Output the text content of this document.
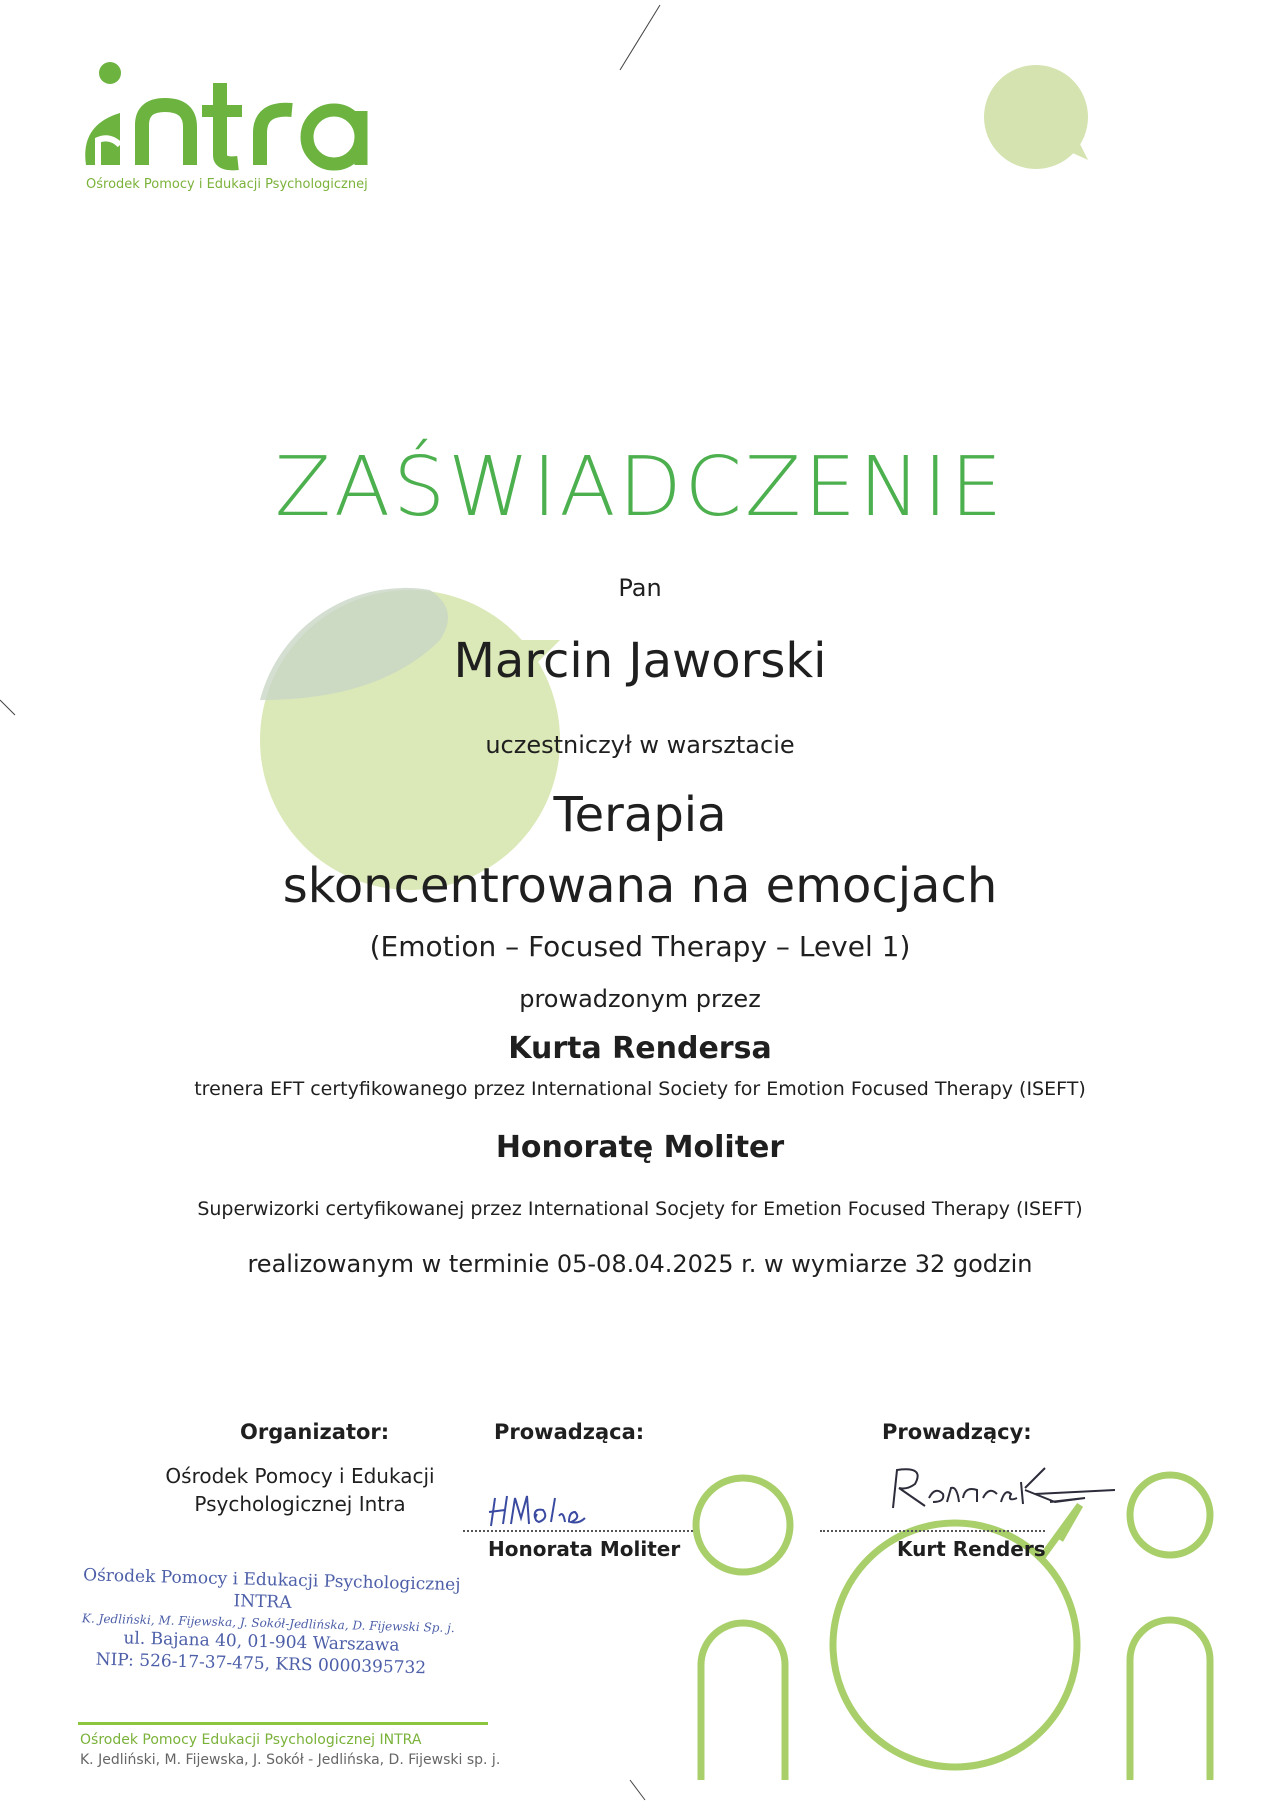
Ośrodek Pomocy i Edukacji Psychologicznej
ZAŚWIADCZENIE
Pan
Marcin Jaworski
uczestniczył w warsztacie
Terapia
skoncentrowana na emocjach
(Emotion – Focused Therapy – Level 1)
prowadzonym przez
Kurta Rendersa
trenera EFT certyfikowanego przez International Society for Emotion Focused Therapy (ISEFT)
Honoratę Moliter
Superwizorki certyfikowanej przez International Socjety for Emetion Focused Therapy (ISEFT)
realizowanym w terminie 05-08.04.2025 r. w wymiarze 32 godzin
Organizator:
Ośrodek Pomocy i Edukacji
Psychologicznej Intra
Prowadząca:
Honorata Moliter
Prowadzący:
Kurt Renders
Ośrodek Pomocy i Edukacji Psychologicznej
INTRA
K. Jedliński, M. Fijewska, J. Sokół-Jedlińska, D. Fijewski Sp. j.
ul. Bajana 40, 01-904 Warszawa
NIP: 526-17-37-475, KRS 0000395732
Ośrodek Pomocy Edukacji Psychologicznej INTRA
K. Jedliński, M. Fijewska, J. Sokół - Jedlińska, D. Fijewski sp. j.
